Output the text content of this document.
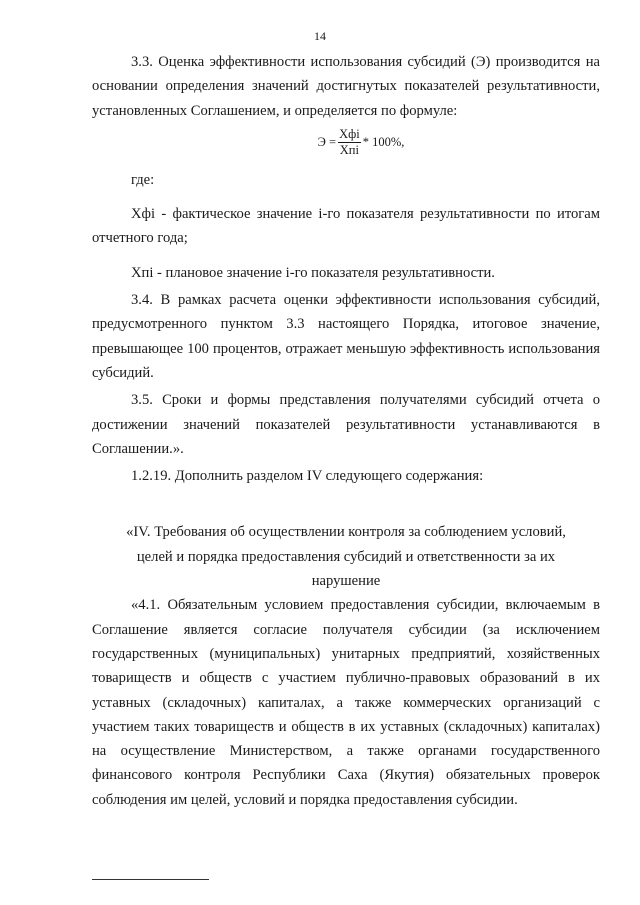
14

3.3. Оценка эффективности использования субсидий (Э) производится на основании определения значений достигнутых показателей результативности, установленных Соглашением, и определяется по формуле:

$Э = \frac{\text{Хфi}}{\text{Хпi}} * 100\%$,

где:

Хфi - фактическое значение i-го показателя результативности по итогам отчетного года;

Хпi - плановое значение i-го показателя результативности.

3.4. В рамках расчета оценки эффективности использования субсидий, предусмотренного пунктом 3.3 настоящего Порядка, итоговое значение, превышающее 100 процентов, отражает меньшую эффективность использования субсидий.

3.5. Сроки и формы представления получателями субсидий отчета о достижении значений показателей результативности устанавливаются в Соглашении.».

1.2.19. Дополнить разделом IV следующего содержания:

«IV. Требования об осуществлении контроля за соблюдением условий,

целей и порядка предоставления субсидий и ответственности за их

нарушение

«4.1. Обязательным условием предоставления субсидии, включаемым в Соглашение является согласие получателя субсидии (за исключением государственных (муниципальных) унитарных предприятий, хозяйственных товариществ и обществ с участием публично-правовых образований в их уставных (складочных) капиталах, а также коммерческих организаций с участием таких товариществ и обществ в их уставных (складочных) капиталах) на осуществление Министерством, а также органами государственного финансового контроля Республики Саха (Якутия) обязательных проверок соблюдения им целей, условий и порядка предоставления субсидии.
